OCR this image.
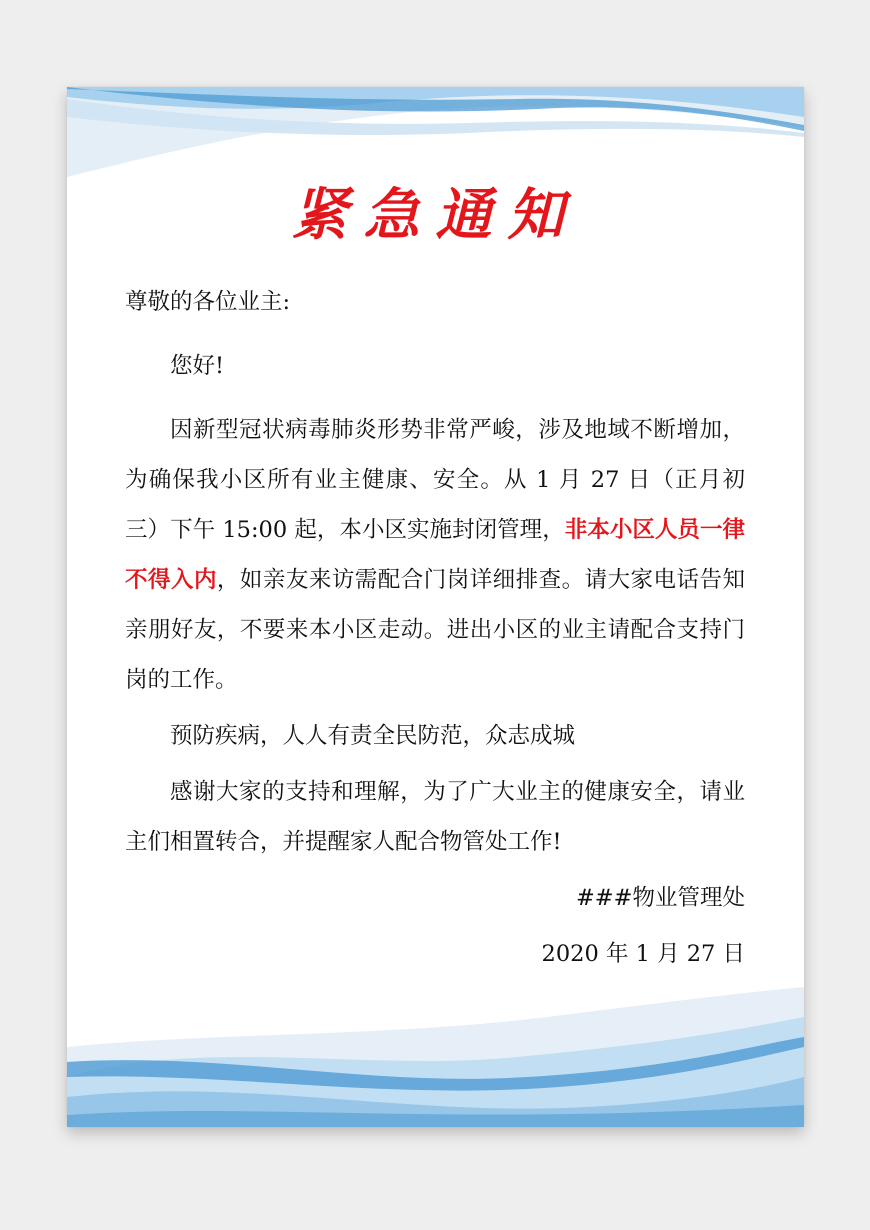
紧急通知

尊敬的各位业主:

您好!

因新型冠状病毒肺炎形势非常严峻，涉及地域不断增加，为确保我小区所有业主健康、安全。从 1 月 27 日（正月初三）下午 15:00 起，本小区实施封闭管理，非本小区人员一律不得入内，如亲友来访需配合门岗详细排查。请大家电话告知亲朋好友，不要来本小区走动。进出小区的业主请配合支持门岗的工作。

预防疾病，人人有责全民防范，众志成城

感谢大家的支持和理解，为了广大业主的健康安全，请业主们相置转合，并提醒家人配合物管处工作!

###物业管理处

2020 年 1 月 27 日
